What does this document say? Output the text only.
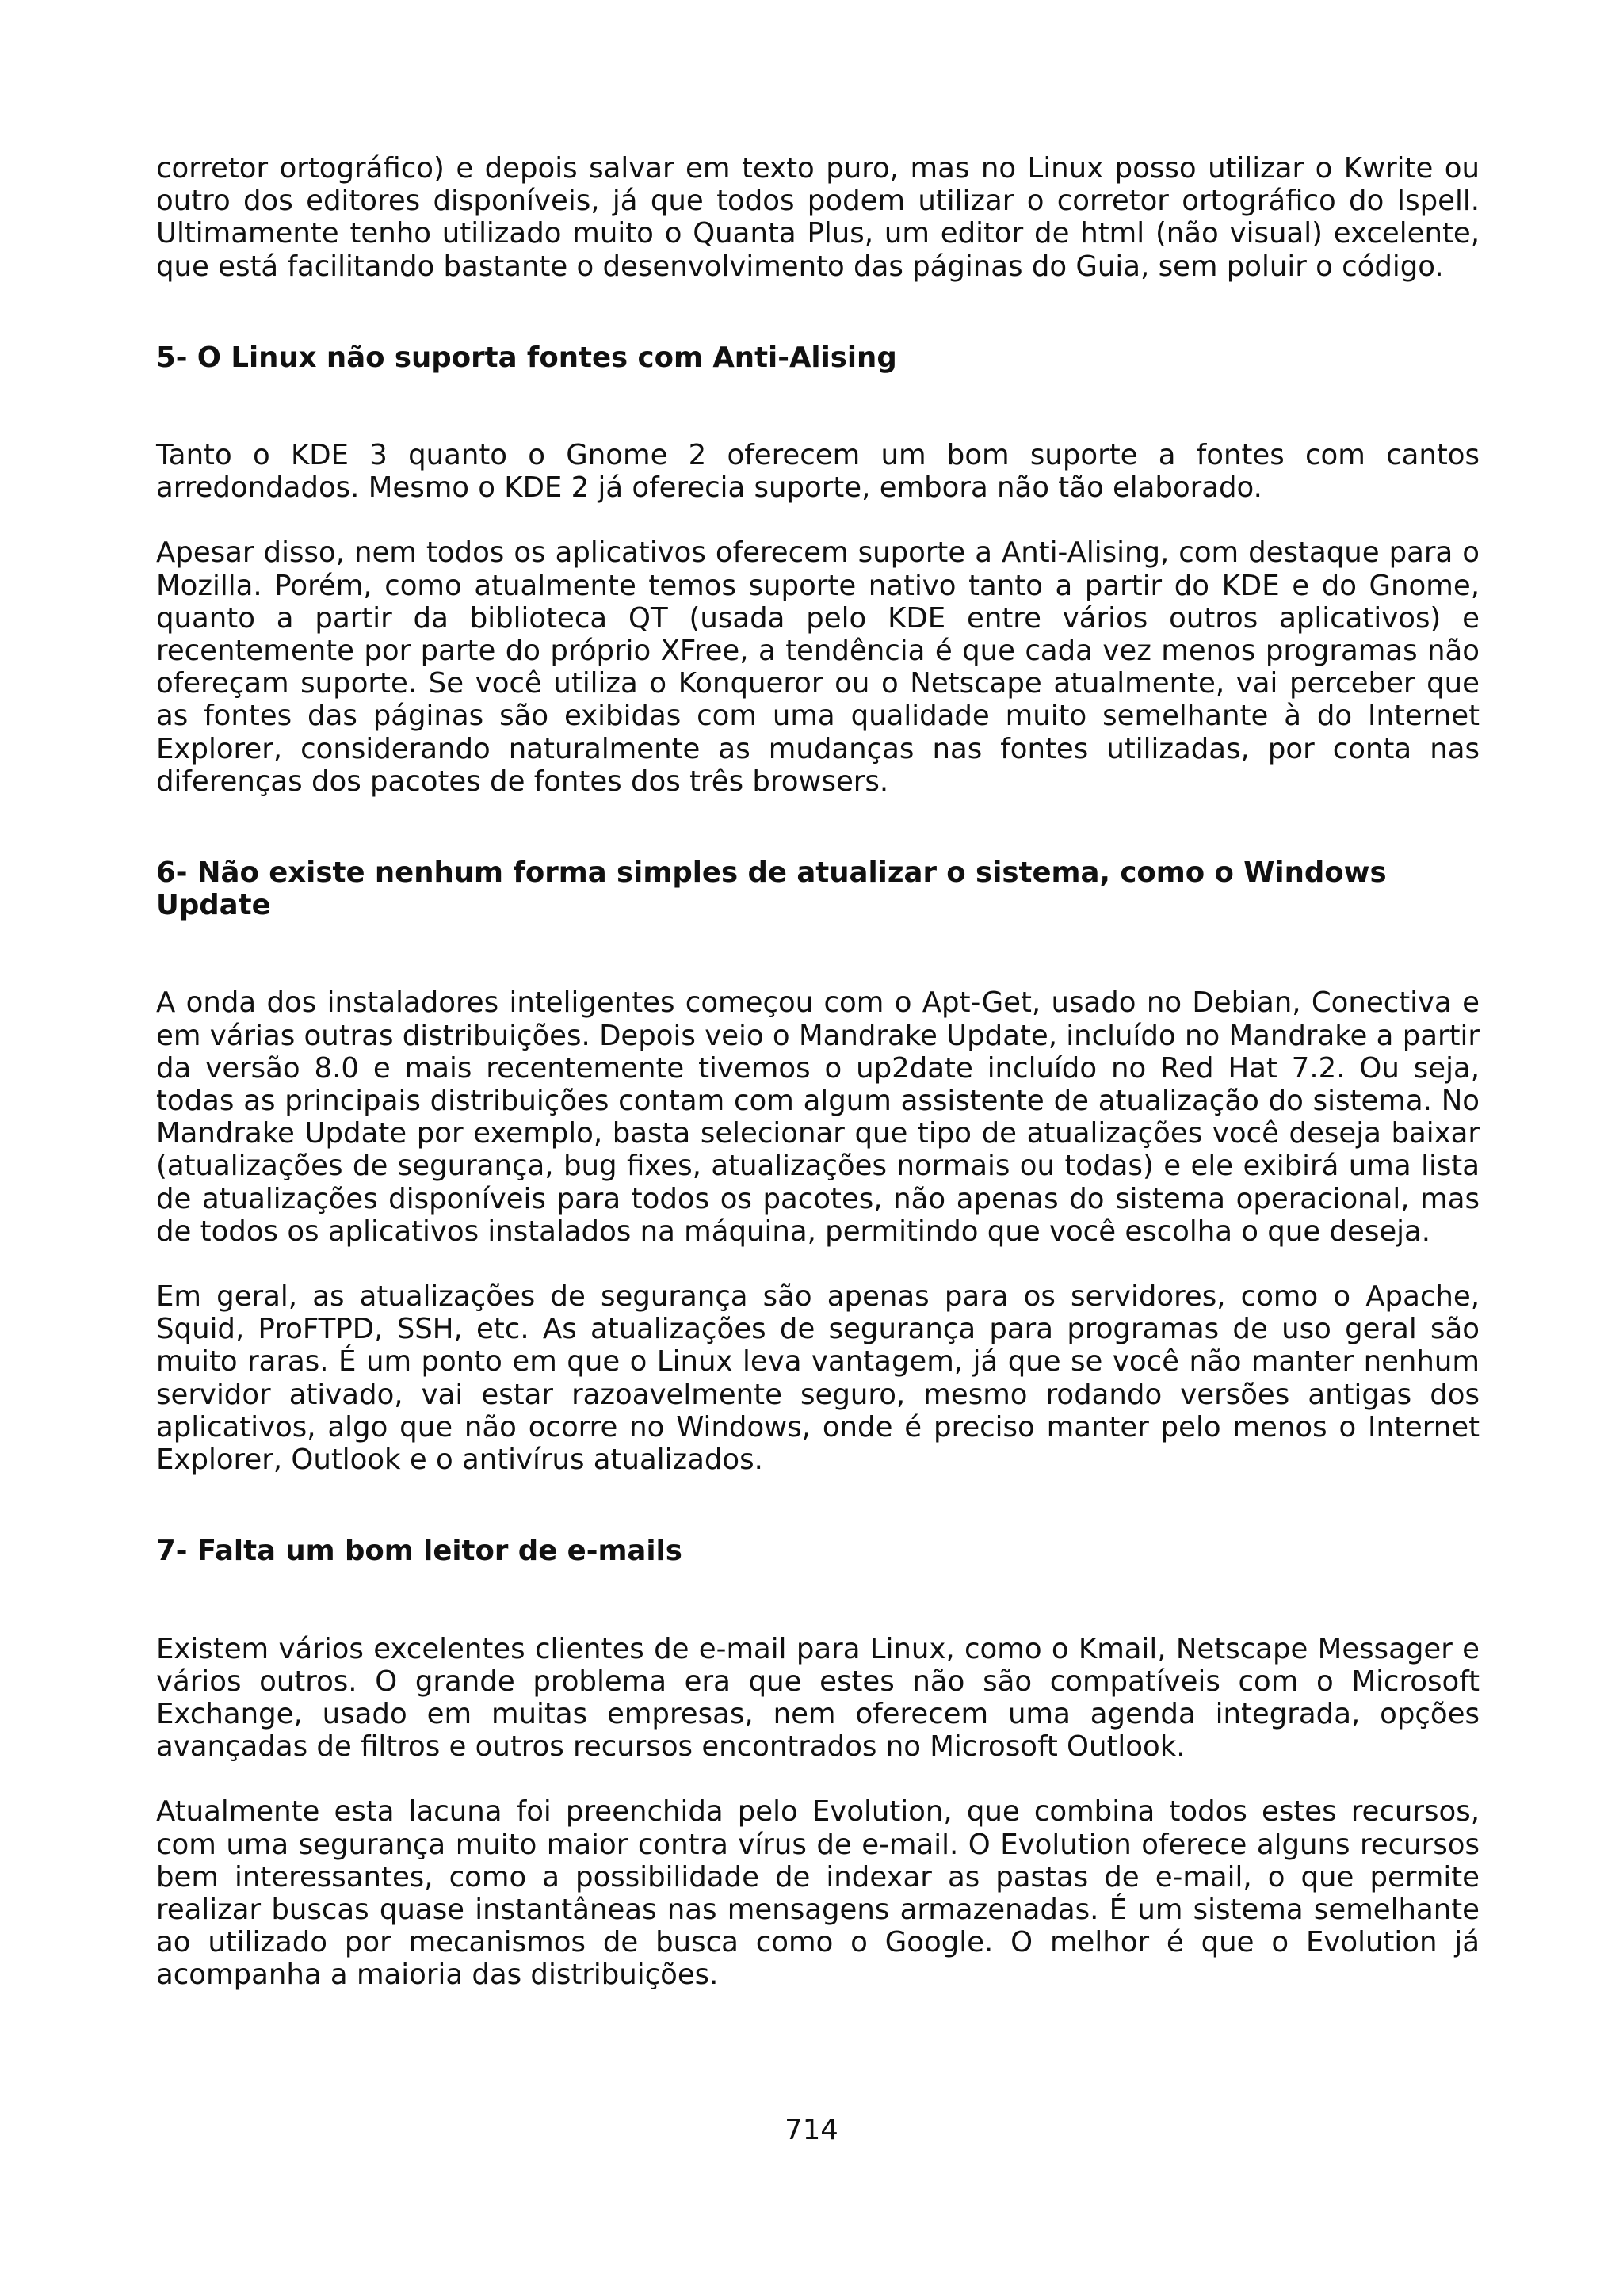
corretor ortográfico) e depois salvar em texto puro, mas no Linux posso utilizar o Kwrite ou outro dos editores disponíveis, já que todos podem utilizar o corretor ortográfico do Ispell. Ultimamente tenho utilizado muito o Quanta Plus, um editor de html (não visual) excelente, que está facilitando bastante o desenvolvimento das páginas do Guia, sem poluir o código.

5- O Linux não suporta fontes com Anti-Alising

Tanto o KDE 3 quanto o Gnome 2 oferecem um bom suporte a fontes com cantos arredondados. Mesmo o KDE 2 já oferecia suporte, embora não tão elaborado.

Apesar disso, nem todos os aplicativos oferecem suporte a Anti-Alising, com destaque para o Mozilla. Porém, como atualmente temos suporte nativo tanto a partir do KDE e do Gnome, quanto a partir da biblioteca QT (usada pelo KDE entre vários outros aplicativos) e recentemente por parte do próprio XFree, a tendência é que cada vez menos programas não ofereçam suporte. Se você utiliza o Konqueror ou o Netscape atualmente, vai perceber que as fontes das páginas são exibidas com uma qualidade muito semelhante à do Internet Explorer, considerando naturalmente as mudanças nas fontes utilizadas, por conta nas diferenças dos pacotes de fontes dos três browsers.

6- Não existe nenhum forma simples de atualizar o sistema, como o Windows Update

A onda dos instaladores inteligentes começou com o Apt-Get, usado no Debian, Conectiva e em várias outras distribuições. Depois veio o Mandrake Update, incluído no Mandrake a partir da versão 8.0 e mais recentemente tivemos o up2date incluído no Red Hat 7.2. Ou seja, todas as principais distribuições contam com algum assistente de atualização do sistema. No Mandrake Update por exemplo, basta selecionar que tipo de atualizações você deseja baixar (atualizações de segurança, bug fixes, atualizações normais ou todas) e ele exibirá uma lista de atualizações disponíveis para todos os pacotes, não apenas do sistema operacional, mas de todos os aplicativos instalados na máquina, permitindo que você escolha o que deseja.

Em geral, as atualizações de segurança são apenas para os servidores, como o Apache, Squid, ProFTPD, SSH, etc. As atualizações de segurança para programas de uso geral são muito raras. É um ponto em que o Linux leva vantagem, já que se você não manter nenhum servidor ativado, vai estar razoavelmente seguro, mesmo rodando versões antigas dos aplicativos, algo que não ocorre no Windows, onde é preciso manter pelo menos o Internet Explorer, Outlook e o antivírus atualizados.

7- Falta um bom leitor de e-mails

Existem vários excelentes clientes de e-mail para Linux, como o Kmail, Netscape Messager e vários outros. O grande problema era que estes não são compatíveis com o Microsoft Exchange, usado em muitas empresas, nem oferecem uma agenda integrada, opções avançadas de filtros e outros recursos encontrados no Microsoft Outlook.

Atualmente esta lacuna foi preenchida pelo Evolution, que combina todos estes recursos, com uma segurança muito maior contra vírus de e-mail. O Evolution oferece alguns recursos bem interessantes, como a possibilidade de indexar as pastas de e-mail, o que permite realizar buscas quase instantâneas nas mensagens armazenadas. É um sistema semelhante ao utilizado por mecanismos de busca como o Google. O melhor é que o Evolution já acompanha a maioria das distribuições.

714
